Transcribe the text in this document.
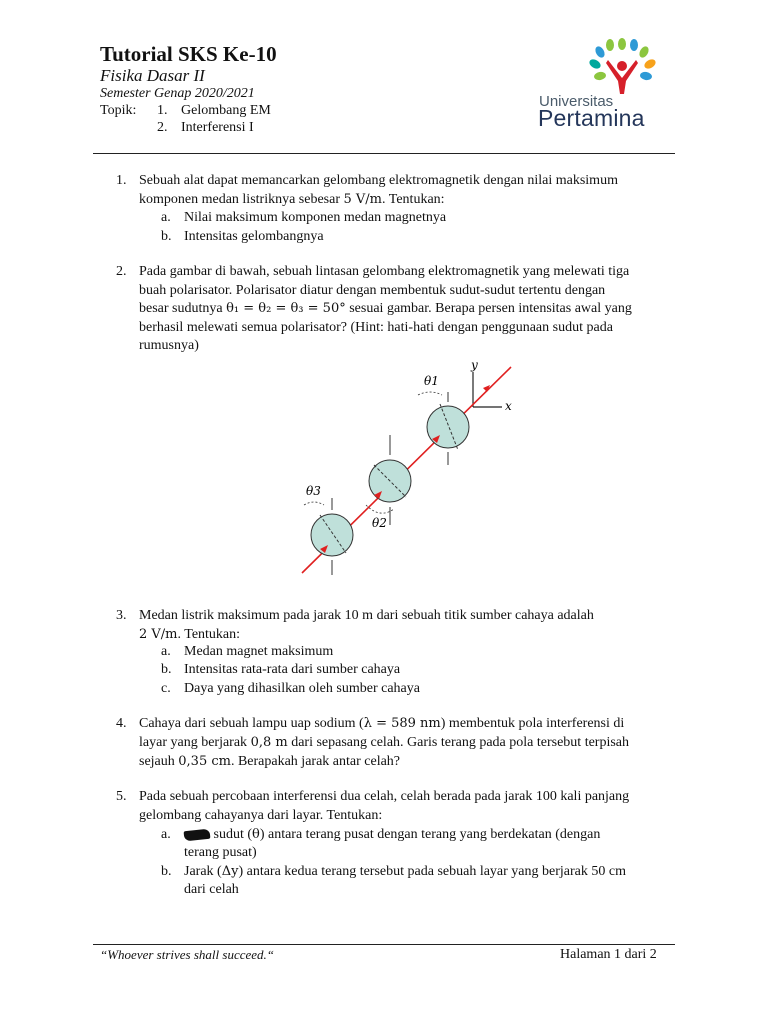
Tutorial SKS Ke-10
Fisika Dasar II
Semester Genap 2020/2021
Topik: 1. Gelombang EM
2. Interferensi I
Universitas
Pertamina
1. Sebuah alat dapat memancarkan gelombang elektromagnetik dengan nilai maksimum
komponen medan listriknya sebesar 5 V/m. Tentukan:
a. Nilai maksimum komponen medan magnetnya
b. Intensitas gelombangnya
2. Pada gambar di bawah, sebuah lintasan gelombang elektromagnetik yang melewati tiga
buah polarisator. Polarisator diatur dengan membentuk sudut-sudut tertentu dengan
besar sudutnya θ₁ = θ₂ = θ₃ = 50° sesuai gambar. Berapa persen intensitas awal yang
berhasil melewati semua polarisator? (Hint: hati-hati dengan penggunaan sudut pada
rumusnya)
y
x
θ1
θ3
θ2
3. Medan listrik maksimum pada jarak 10 m dari sebuah titik sumber cahaya adalah
2 V/m. Tentukan:
a. Medan magnet maksimum
b. Intensitas rata-rata dari sumber cahaya
c. Daya yang dihasilkan oleh sumber cahaya
4. Cahaya dari sebuah lampu uap sodium (λ = 589 nm) membentuk pola interferensi di
layar yang berjarak 0,8 m dari sepasang celah. Garis terang pada pola tersebut terpisah
sejauh 0,35 cm. Berapakah jarak antar celah?
5. Pada sebuah percobaan interferensi dua celah, celah berada pada jarak 100 kali panjang
gelombang cahayanya dari layar. Tentukan:
a.	sudut (θ) antara terang pusat dengan terang yang berdekatan (dengan
terang pusat)
b. Jarak (Δy) antara kedua terang tersebut pada sebuah layar yang berjarak 50 cm
dari celah
“Whoever strives shall succeed.“	Halaman 1 dari 2
